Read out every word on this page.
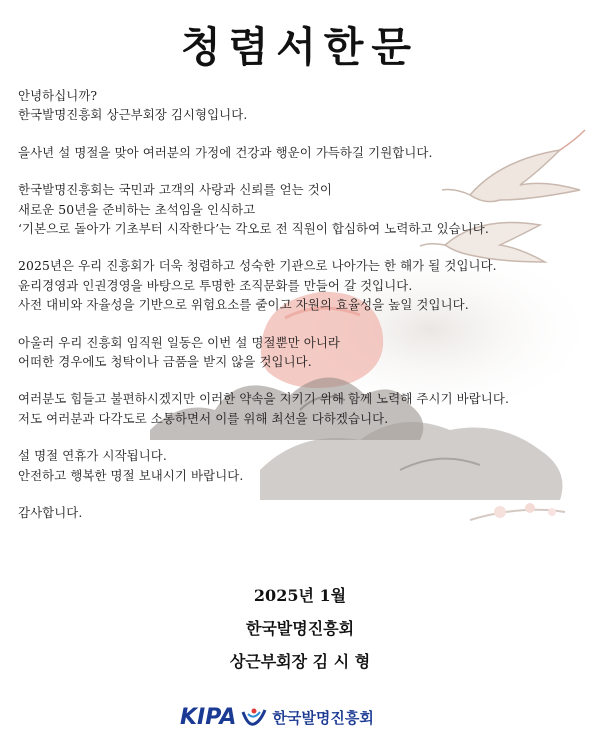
청렴서한문

안녕하십니까?

한국발명진흥회 상근부회장 김시형입니다.

을사년 설 명절을 맞아 여러분의 가정에 건강과 행운이 가득하길 기원합니다.

한국발명진흥회는 국민과 고객의 사랑과 신뢰를 얻는 것이

새로운 50년을 준비하는 초석임을 인식하고

‘기본으로 돌아가 기초부터 시작한다’는 각오로 전 직원이 합심하여 노력하고 있습니다.

2025년은 우리 진흥회가 더욱 청렴하고 성숙한 기관으로 나아가는 한 해가 될 것입니다.

윤리경영과 인권경영을 바탕으로 투명한 조직문화를 만들어 갈 것입니다.

사전 대비와 자율성을 기반으로 위험요소를 줄이고 자원의 효율성을 높일 것입니다.

아울러 우리 진흥회 임직원 일동은 이번 설 명절뿐만 아니라

어떠한 경우에도 청탁이나 금품을 받지 않을 것입니다.

여러분도 힘들고 불편하시겠지만 이러한 약속을 지키기 위해 함께 노력해 주시기 바랍니다.

저도 여러분과 다각도로 소통하면서 이를 위해 최선을 다하겠습니다.

설 명절 연휴가 시작됩니다.

안전하고 행복한 명절 보내시기 바랍니다.

감사합니다.

2025년 1월
한국발명진흥회
상근부회장 김 시 형
KIPA 한국발명진흥회
